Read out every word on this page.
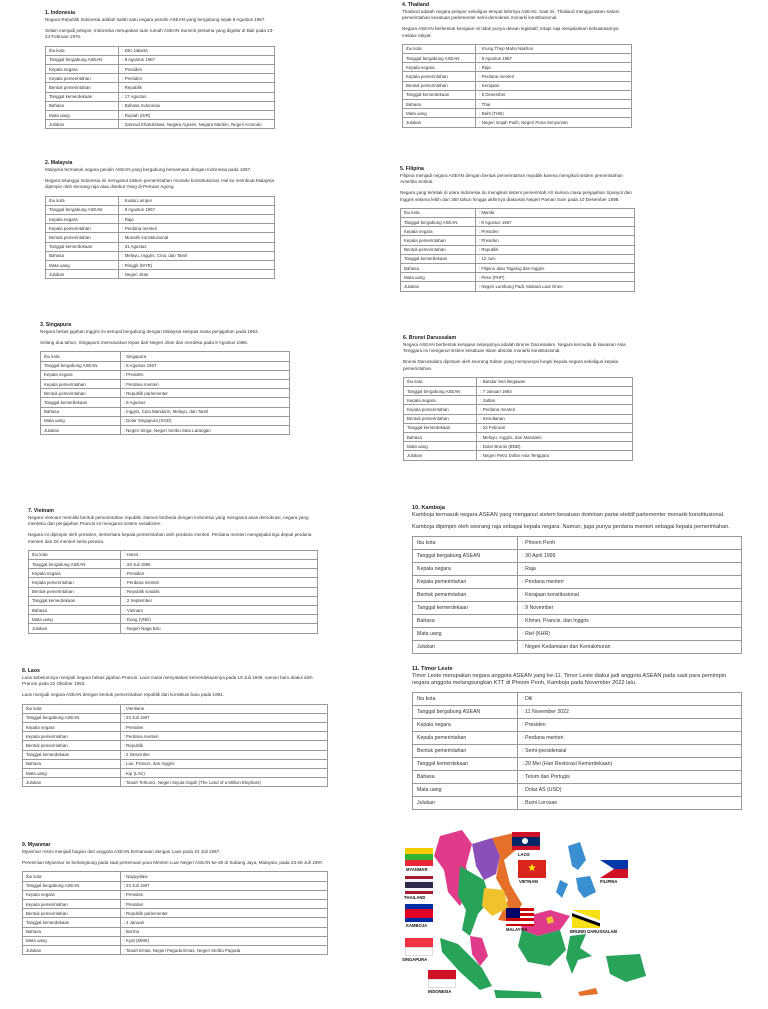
1. Indonesia

Negara Republik Indonesia adalah salah satu negara pendiri ASEAN yang bergabung sejak 8 Agustus 1967.

Selain menjadi pelopor, Indonesia merupakan tuan rumah ASEAN Summit pertama yang digelar di Bali pada 23-24 Februari 1976.

Ibu kota	: DKI Jakarta
Tanggal bergabung ASEAN	: 8 Agustus 1967
Kepala negara	: Presiden
Kepala pemerintahan	: Presiden
Bentuk pemerintahan	: Republik
Tanggal kemerdekaan	: 17 Agustus
Bahasa	: Bahasa Indonesia
Mata uang	: Rupiah (IDR)
Julukan	: Zamrud Khatulistiwa, Negara Agraris, Negara Maritim, Negeri Komodo

2. Malaysia

Malaysia termasuk negara pendiri ASEAN yang bergabung bersamaan dengan Indonesia pada 1967.

Negara tetangga Indonesia ini menganut sistem pemerintahan monarki konstitusional. Hal itu membuat Malaysia dipimpin oleh seorang raja atau disebut Yang di-Pertuan Agong.

Ibu kota	: Kuala Lumpur
Tanggal bergabung ASEAN	: 8 Agustus 1967
Kepala negara	: Raja
Kepala pemerintahan	: Perdana menteri
Bentuk pemerintahan	: Monarki konstitusional
Tanggal kemerdekaan	: 31 Agustus
Bahasa	: Melayu, Inggris, Cina, dan Tamil
Mata uang	: Ringgit (MYR)
Julukan	: Negeri Jiran

3. Singapura

Negara bekas jajahan Inggris ini sempat bergabung dengan Malaysia selepas masa penjajahan pada 1963.

Selang dua tahun, Singapura memutuskan lepas dari Negeri Jiran dan merdeka pada 9 Agustus 1965.

Ibu kota	: Singapura
Tanggal bergabung ASEAN	: 8 Agustus 1967
Kepala negara	: Presiden
Kepala pemerintahan	: Perdana menteri
Bentuk pemerintahan	: Republik parlementer
Tanggal kemerdekaan	: 9 Agustus
Bahasa	: Inggris, Cina Mandarin, Melayu, dan Tamil
Mata uang	: Dolar Singapura (SGD)
Julukan	: Negeri Singa, Negeri Seribu Satu Larangan

4. Thailand

Thailand adalah negara pelopor sekaligus tempat lahirnya ASEAN. Saat ini, Thailand menggunakan sistem pemerintahan kesatuan parlementer semi-demokrasi monarki konstitusional.

Negara ASEAN berbentuk kerajaan ini tidak punya dewan legislatif, tetapi raja menjalankan kekuasaannya melalui rakyat.

Ibu kota	: Krung Thep Maha Nakhon
Tanggal bergabung ASEAN	: 8 Agustus 1967
Kepala negara	: Raja
Kepala pemerintahan	: Perdana menteri
Bentuk pemerintahan	: Kerajaan
Tanggal kemerdekaan	: 5 Desember
Bahasa	: Thai
Mata uang	: Baht (THB)
Julukan	: Negeri Gajah Putih, Negeri Pena Senyuman

5. Filipina

Filipina menjadi negara ASEAN dengan bentuk pemerintahan republik karena mengikuti sistem pemerintahan Amerika Serikat.

Negara yang terletak di utara Indonesia itu mengikuti sistem pemerintah AS karena masa penjajahan Spanyol dan Inggris selama lebih dari 350 tahun hingga akhirnya diakuisisi Negeri Paman Sam pada 10 Desember 1898.

Ibu kota	: Manila
Tanggal bergabung ASEAN	: 8 Agustus 1967
Kepala negara	: Presiden
Kepala pemerintahan	: Presiden
Bentuk pemerintahan	: Republik
Tanggal kemerdekaan	: 12 Juni
Bahasa	: Filipino atau Tagalog dan Inggris
Mata uang	: Peso (PHP)
Julukan	: Negeri Lumbung Padi, Mutiara Laut Orien

6. Brunei Darussalam

Negara ASEAN berbentuk kerajaan selanjutnya adalah Brunei Darussalam. Negara kemudia di kawasan Asia Tenggara ini menganut sistem kesatuan Islam absolut monarki konstitusional.

Brunei Darussalam dipimpin oleh seorang Sultan yang mempunyai fungsi kepala negara sekaligus kepala pemerintahan.

Ibu kota	: Bandar Seri Begawan
Tanggal bergabung ASEAN	: 7 Januari 1984
Kepala negara	: Sultan
Kepala pemerintahan	: Perdana menteri
Bentuk pemerintahan	: Kesultanan
Tanggal kemerdekaan	: 23 Februari
Bahasa	: Melayu, Inggris, dan Mandarin
Mata uang	: Dolar Brunei (BND)
Julukan	: Negeri Petro Dollar Asia Tenggara

7. Vietnam

Negara Vietnam memiliki bentuk pemerintahan republik. Namun berbeda dengan Indonesia yang menganut asas demokrasi, negara yang merdeka dari penjajahan Prancis ini menganut sistem sosialisme.

Negara ini dipimpin oleh presiden, sementara kepala pemerintahan oleh perdana menteri. Perdana menteri mengepalai tiga deputi perdana menteri dan 26 menteri serta perwira.

Ibu kota	: Hanoi
Tanggal bergabung ASEAN	: 28 Juli 1995
Kepala negara	: Presiden
Kepala pemerintahan	: Perdana menteri
Bentuk pemerintahan	: Republik sosialis
Tanggal kemerdekaan	: 2 September
Bahasa	: Vietnam
Mata uang	: Dong (VND)
Julukan	: Negeri Naga Biru

8. Laos

Laos sebelumnya menjadi negara bekas jajahan Prancis. Laos mulai menyatakan kemerdekaannya pada 19 Juli 1949, namun baru diakui oleh Prancis pada 22 Oktober 1953.

Laos menjadi negara ASEAN dengan bentuk pemerintahan republik dari konstitusi baru pada 1991.

Ibu kota	: Vientiane
Tanggal bergabung ASEAN	: 23 Juli 1997
Kepala negara	: Presiden
Kepala pemerintahan	: Perdana menteri
Bentuk pemerintahan	: Republik
Tanggal kemerdekaan	: 2 Desember
Bahasa	: Lao, Prancis, dan Inggris
Mata uang	: Kip (LAK)
Julukan	: Tanah Terkunci, Negeri Sejuta Gajah (The Land of a Million Elephant)

9. Myanmar

Myanmar resmi menjadi bagian dari anggota ASEAN bersamaan dengan Laos pada 23 Juli 1997.

Peresmian Myanmar ini berlangsung pada saat pertemuan para Menteri Luar Negeri ASEAN ke-30 di Subang Jaya, Malaysia, pada 23-28 Juli 1997.

Ibu kota	: Naypyidaw
Tanggal bergabung ASEAN	: 23 Juli 1997
Kepala negara	: Presiden
Kepala pemerintahan	: Presiden
Bentuk pemerintahan	: Republik parlementer
Tanggal kemerdekaan	: 4 Januari
Bahasa	: Burma
Mata uang	: Kyat (MMK)
Julukan	: Tanah Emas, Negeri Pagoda Emas, Negeri Seribu Pagoda

10. Kamboja

Kamboja termasuk negara ASEAN yang menganut sistem kesatuan dominan partai elektif parlementer monarki konstitusional.

Kamboja dipimpin oleh seorang raja sebagai kepala negara. Namun, juga punya perdana menteri sebagai kepala pemerintahan.

Ibu kota	: Phnom Penh
Tanggal bergabung ASEAN	: 30 April 1999
Kepala negara	: Raja
Kepala pemerintahan	: Perdana menteri
Bentuk pemerintahan	: Kerajaan konstitusional
Tanggal kemerdekaan	: 9 November
Bahasa	: Khmer, Prancis, dan Inggris
Mata uang	: Riel (KHR)
Julukan	: Negeri Kedamaian dan Kemakmuran

11. Timor Leste

Timor Leste merupakan negara anggota ASEAN yang ke-11. Timor Leste diakui jadi anggota ASEAN pada saat para pemimpin negara anggota melangsungkan KTT di Phnom Penh, Kamboja pada November 2022 lalu.

Ibu kota	: Dili
Tanggal bergabung ASEAN	: 11 November 2022
Kepala negara	: Presiden
Kepala pemerintahan	: Perdana menteri
Bentuk pemerintahan	: Semi-presidensial
Tanggal kemerdekaan	: 20 Mei (Hari Restorasi Kemerdekaan)
Bahasa	: Tetum dan Portugis
Mata uang	: Dolar AS (USD)
Julukan	: Bumi Lorosae
MYANMAR
LAOS
THAILAND
★
VIETNAM	FILIPINA
KAMBOJA
MALAYSIA	BRUNEI DARUSSALAM
SINGAPURA
INDONESIA
